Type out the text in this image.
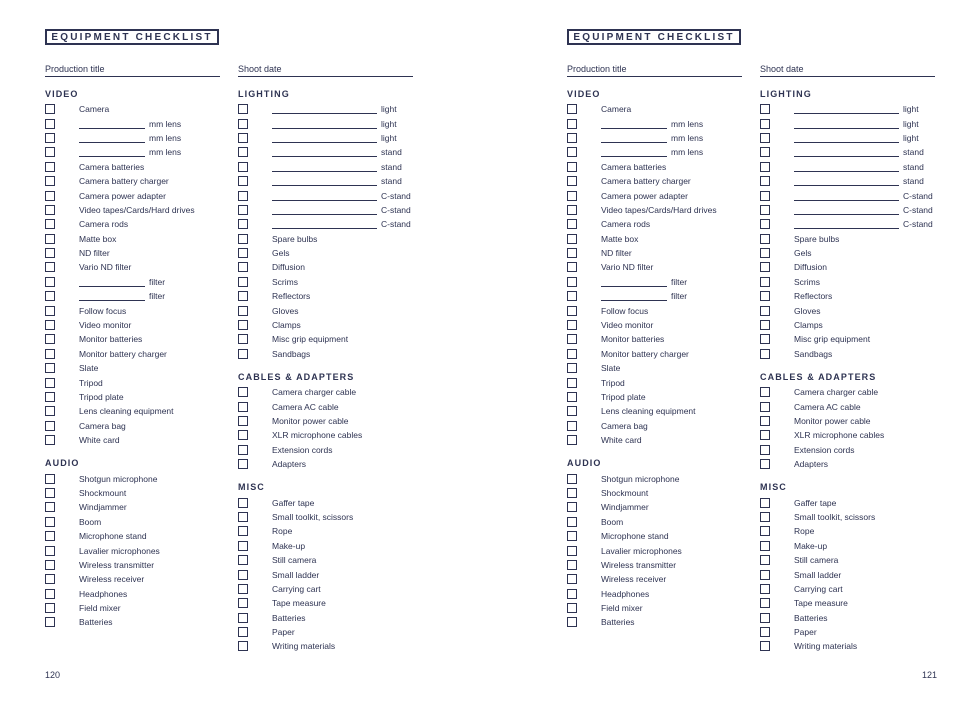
EQUIPMENT CHECKLIST
Production title	Shoot date
VIDEO
Camera
mm lens
mm lens
mm lens
Camera batteries
Camera battery charger
Camera power adapter
Video tapes/Cards/Hard drives
Camera rods
Matte box
ND filter
Vario ND filter
filter
filter
Follow focus
Video monitor
Monitor batteries
Monitor battery charger
Slate
Tripod
Tripod plate
Lens cleaning equipment
Camera bag
White card
AUDIO
Shotgun microphone
Shockmount
Windjammer
Boom
Microphone stand
Lavalier microphones
Wireless transmitter
Wireless receiver
Headphones
Field mixer
Batteries
LIGHTING
light
light
light
stand
stand
stand
C-stand
C-stand
C-stand
Spare bulbs
Gels
Diffusion
Scrims
Reflectors
Gloves
Clamps
Misc grip equipment
Sandbags
CABLES & ADAPTERS
Camera charger cable
Camera AC cable
Monitor power cable
XLR microphone cables
Extension cords
Adapters
MISC
Gaffer tape
Small toolkit, scissors
Rope
Make-up
Still camera
Small ladder
Carrying cart
Tape measure
Batteries
Paper
Writing materials
120
EQUIPMENT CHECKLIST
Production title	Shoot date
VIDEO
Camera
mm lens
mm lens
mm lens
Camera batteries
Camera battery charger
Camera power adapter
Video tapes/Cards/Hard drives
Camera rods
Matte box
ND filter
Vario ND filter
filter
filter
Follow focus
Video monitor
Monitor batteries
Monitor battery charger
Slate
Tripod
Tripod plate
Lens cleaning equipment
Camera bag
White card
AUDIO
Shotgun microphone
Shockmount
Windjammer
Boom
Microphone stand
Lavalier microphones
Wireless transmitter
Wireless receiver
Headphones
Field mixer
Batteries
LIGHTING
light
light
light
stand
stand
stand
C-stand
C-stand
C-stand
Spare bulbs
Gels
Diffusion
Scrims
Reflectors
Gloves
Clamps
Misc grip equipment
Sandbags
CABLES & ADAPTERS
Camera charger cable
Camera AC cable
Monitor power cable
XLR microphone cables
Extension cords
Adapters
MISC
Gaffer tape
Small toolkit, scissors
Rope
Make-up
Still camera
Small ladder
Carrying cart
Tape measure
Batteries
Paper
Writing materials
121
